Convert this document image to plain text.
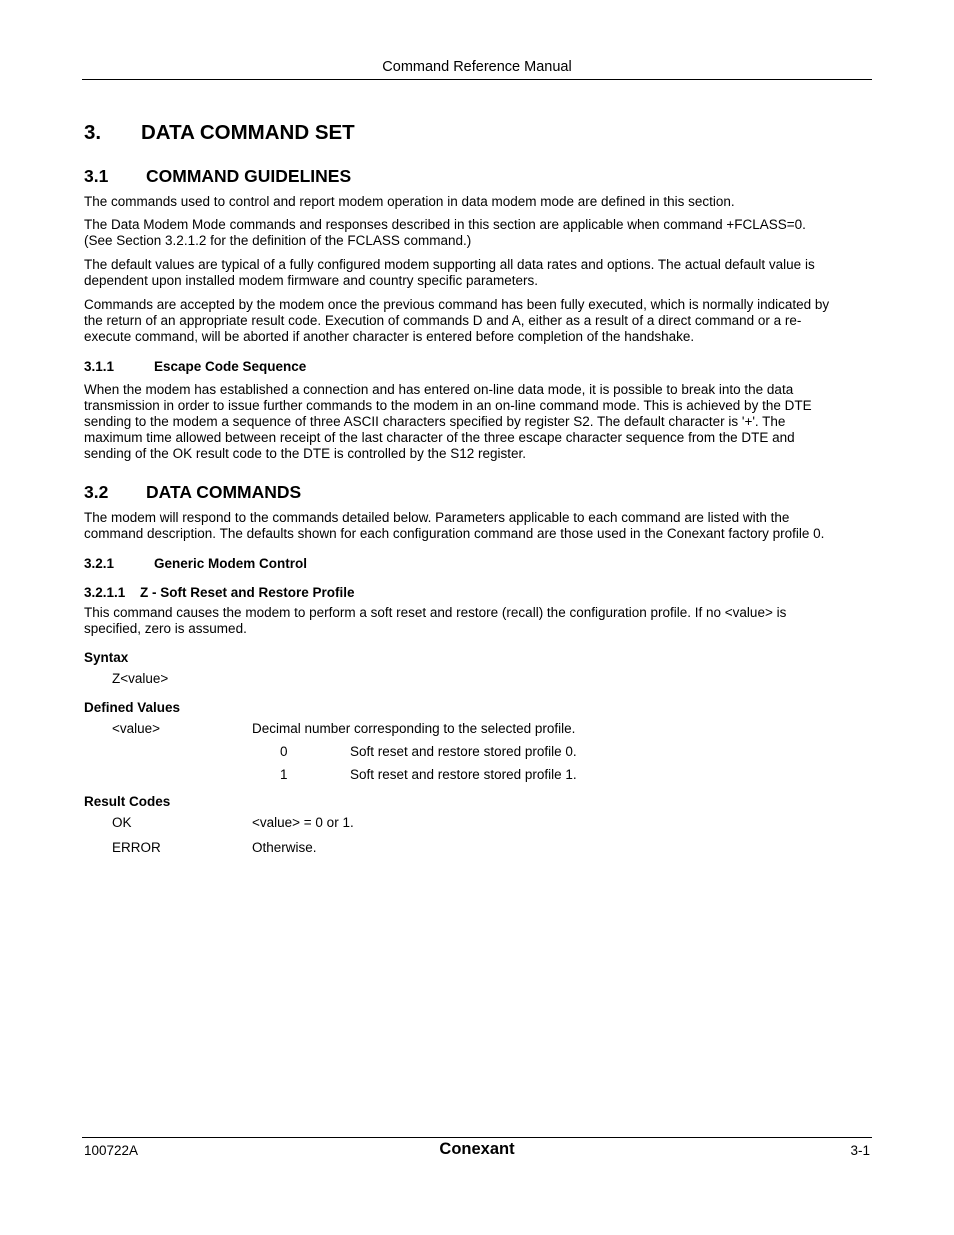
Command Reference Manual
3. DATA COMMAND SET
3.1 COMMAND GUIDELINES
The commands used to control and report modem operation in data modem mode are defined in this section.
The Data Modem Mode commands and responses described in this section are applicable when command +FCLASS=0.
(See Section 3.2.1.2 for the definition of the FCLASS command.)
The default values are typical of a fully configured modem supporting all data rates and options. The actual default value is
dependent upon installed modem firmware and country specific parameters.
Commands are accepted by the modem once the previous command has been fully executed, which is normally indicated by
the return of an appropriate result code. Execution of commands D and A, either as a result of a direct command or a re-
execute command, will be aborted if another character is entered before completion of the handshake.
3.1.1	Escape Code Sequence
When the modem has established a connection and has entered on-line data mode, it is possible to break into the data
transmission in order to issue further commands to the modem in an on-line command mode. This is achieved by the DTE
sending to the modem a sequence of three ASCII characters specified by register S2. The default character is '+'. The
maximum time allowed between receipt of the last character of the three escape character sequence from the DTE and
sending of the OK result code to the DTE is controlled by the S12 register.
3.2 DATA COMMANDS
The modem will respond to the commands detailed below. Parameters applicable to each command are listed with the
command description. The defaults shown for each configuration command are those used in the Conexant factory profile 0.
3.2.1	Generic Modem Control
3.2.1.1 Z - Soft Reset and Restore Profile
This command causes the modem to perform a soft reset and restore (recall) the configuration profile. If no <value> is
specified, zero is assumed.
Syntax
Z<value>
Defined Values
<value>	Decimal number corresponding to the selected profile.
0	Soft reset and restore stored profile 0.
1	Soft reset and restore stored profile 1.
Result Codes
OK	<value> = 0 or 1.
ERROR	Otherwise.
100722A	Conexant	3-1
